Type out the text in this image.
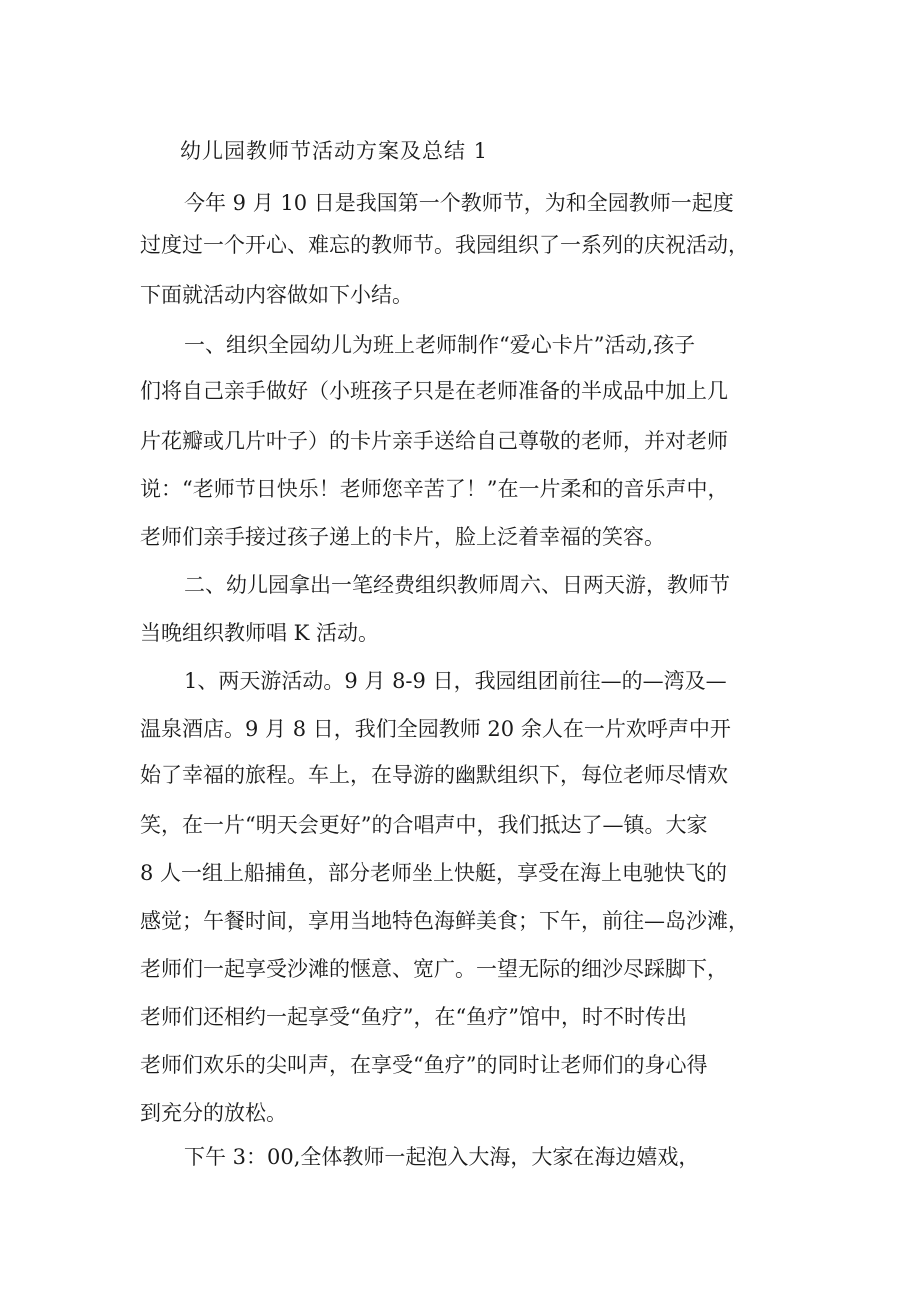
幼儿园教师节活动方案及总结 1
今年 9 月 10 日是我国第一个教师节，为和全园教师一起度
过度过一个开心、难忘的教师节。我园组织了一系列的庆祝活动，
下面就活动内容做如下小结。
一、组织全园幼儿为班上老师制作“爱心卡片”活动,孩子
们将自己亲手做好（小班孩子只是在老师准备的半成品中加上几
片花瓣或几片叶子）的卡片亲手送给自己尊敬的老师，并对老师
说：“老师节日快乐！老师您辛苦了！”在一片柔和的音乐声中，
老师们亲手接过孩子递上的卡片，脸上泛着幸福的笑容。
二、幼儿园拿出一笔经费组织教师周六、日两天游，教师节
当晚组织教师唱 K 活动。
1、两天游活动。9 月 8-9 日，我园组团前往—的—湾及—
温泉酒店。9 月 8 日，我们全园教师 20 余人在一片欢呼声中开
始了幸福的旅程。车上，在导游的幽默组织下，每位老师尽情欢
笑，在一片“明天会更好”的合唱声中，我们抵达了—镇。大家
8 人一组上船捕鱼，部分老师坐上快艇，享受在海上电驰快飞的
感觉；午餐时间，享用当地特色海鲜美食；下午，前往—岛沙滩，
老师们一起享受沙滩的惬意、宽广。一望无际的细沙尽踩脚下，
老师们还相约一起享受“鱼疗”，在“鱼疗”馆中，时不时传出
老师们欢乐的尖叫声，在享受“鱼疗”的同时让老师们的身心得
到充分的放松。
下午 3：00,全体教师一起泡入大海，大家在海边嬉戏，
